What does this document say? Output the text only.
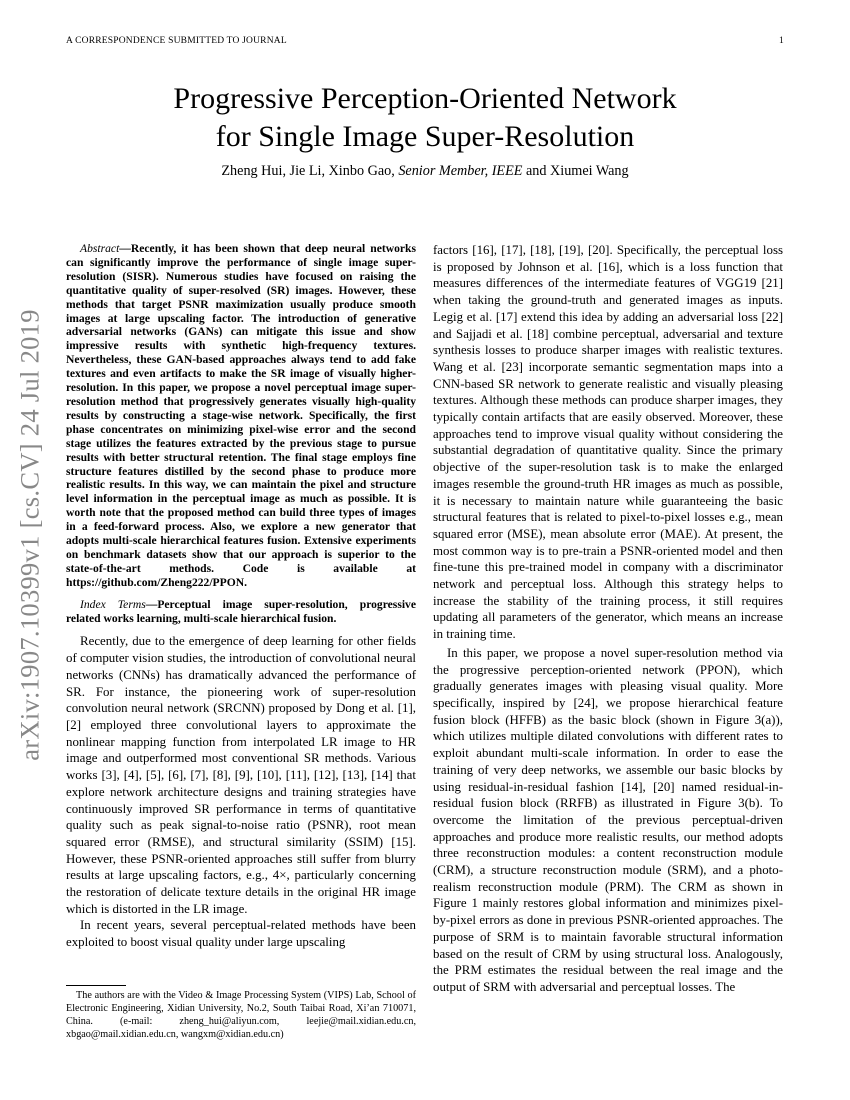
A CORRESPONDENCE SUBMITTED TO JOURNAL	1
arXiv:1907.10399v1 [cs.CV] 24 Jul 2019
Progressive Perception-Oriented Network
for Single Image Super-Resolution
Zheng Hui, Jie Li, Xinbo Gao, Senior Member, IEEE and Xiumei Wang

Abstract—Recently, it has been shown that deep neural networks can significantly improve the performance of single image super-resolution (SISR). Numerous studies have focused on raising the quantitative quality of super-resolved (SR) images. However, these methods that target PSNR maximization usually produce smooth images at large upscaling factor. The introduction of generative adversarial networks (GANs) can mitigate this issue and show impressive results with synthetic high-frequency textures. Nevertheless, these GAN-based approaches always tend to add fake textures and even artifacts to make the SR image of visually higher-resolution. In this paper, we propose a novel perceptual image super-resolution method that progressively generates visually high-quality results by constructing a stage-wise network. Specifically, the first phase concentrates on minimizing pixel-wise error and the second stage utilizes the features extracted by the previous stage to pursue results with better structural retention. The final stage employs fine structure features distilled by the second phase to produce more realistic results. In this way, we can maintain the pixel and structure level information in the perceptual image as much as possible. It is worth note that the proposed method can build three types of images in a feed-forward process. Also, we explore a new generator that adopts multi-scale hierarchical features fusion. Extensive experiments on benchmark datasets show that our approach is superior to the state-of-the-art methods. Code is available at https://github.com/Zheng222/PPON.

Index Terms—Perceptual image super-resolution, progressive related works learning, multi-scale hierarchical fusion.

Recently, due to the emergence of deep learning for other fields of computer vision studies, the introduction of convolutional neural networks (CNNs) has dramatically advanced the performance of SR. For instance, the pioneering work of super-resolution convolution neural network (SRCNN) proposed by Dong et al. [1], [2] employed three convolutional layers to approximate the nonlinear mapping function from interpolated LR image to HR image and outperformed most conventional SR methods. Various works [3], [4], [5], [6], [7], [8], [9], [10], [11], [12], [13], [14] that explore network architecture designs and training strategies have continuously improved SR performance in terms of quantitative quality such as peak signal-to-noise ratio (PSNR), root mean squared error (RMSE), and structural similarity (SSIM) [15]. However, these PSNR-oriented approaches still suffer from blurry results at large upscaling factors, e.g., 4×, particularly concerning the restoration of delicate texture details in the original HR image which is distorted in the LR image.

In recent years, several perceptual-related methods have been exploited to boost visual quality under large upscaling

The authors are with the Video & Image Processing System (VIPS) Lab, School of Electronic Engineering, Xidian University, No.2, South Taibai Road, Xi’an 710071, China. (e-mail: zheng_hui@aliyun.com, leejie@mail.xidian.edu.cn, xbgao@mail.xidian.edu.cn, wangxm@xidian.edu.cn)

factors [16], [17], [18], [19], [20]. Specifically, the perceptual loss is proposed by Johnson et al. [16], which is a loss function that measures differences of the intermediate features of VGG19 [21] when taking the ground-truth and generated images as inputs. Legig et al. [17] extend this idea by adding an adversarial loss [22] and Sajjadi et al. [18] combine perceptual, adversarial and texture synthesis losses to produce sharper images with realistic textures. Wang et al. [23] incorporate semantic segmentation maps into a CNN-based SR network to generate realistic and visually pleasing textures. Although these methods can produce sharper images, they typically contain artifacts that are easily observed. Moreover, these approaches tend to improve visual quality without considering the substantial degradation of quantitative quality. Since the primary objective of the super-resolution task is to make the enlarged images resemble the ground-truth HR images as much as possible, it is necessary to maintain nature while guaranteeing the basic structural features that is related to pixel-to-pixel losses e.g., mean squared error (MSE), mean absolute error (MAE). At present, the most common way is to pre-train a PSNR-oriented model and then fine-tune this pre-trained model in company with a discriminator network and perceptual loss. Although this strategy helps to increase the stability of the training process, it still requires updating all parameters of the generator, which means an increase in training time.

In this paper, we propose a novel super-resolution method via the progressive perception-oriented network (PPON), which gradually generates images with pleasing visual quality. More specifically, inspired by [24], we propose hierarchical feature fusion block (HFFB) as the basic block (shown in Figure 3(a)), which utilizes multiple dilated convolutions with different rates to exploit abundant multi-scale information. In order to ease the training of very deep networks, we assemble our basic blocks by using residual-in-residual fashion [14], [20] named residual-in-residual fusion block (RRFB) as illustrated in Figure 3(b). To overcome the limitation of the previous perceptual-driven approaches and produce more realistic results, our method adopts three reconstruction modules: a content reconstruction module (CRM), a structure reconstruction module (SRM), and a photo-realism reconstruction module (PRM). The CRM as shown in Figure 1 mainly restores global information and minimizes pixel-by-pixel errors as done in previous PSNR-oriented approaches. The purpose of SRM is to maintain favorable structural information based on the result of CRM by using structural loss. Analogously, the PRM estimates the residual between the real image and the output of SRM with adversarial and perceptual losses. The
